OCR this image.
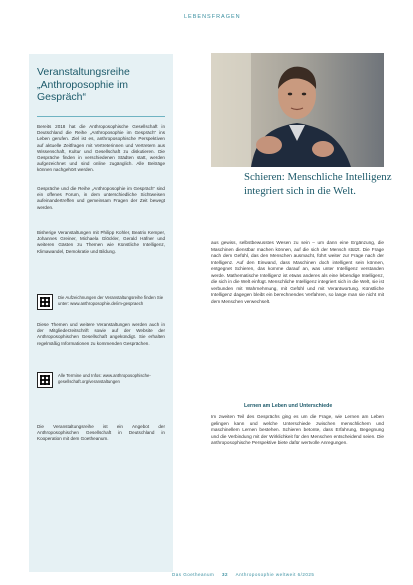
LEBENSFRAGEN
Veranstaltungsreihe „Anthroposophie im Gespräch“

Bereits 2018 hat die Anthroposophische Gesellschaft in Deutschland die Reihe „Anthroposophie im Gespräch“ ins Leben gerufen. Ziel ist es, anthroposophische Perspektiven auf aktuelle Zeitfragen mit Vertreterinnen und Vertretern aus Wissenschaft, Kultur und Gesellschaft zu diskutieren. Die Gespräche finden in verschiedenen Städten statt, werden aufgezeichnet und sind online zugänglich. Alle Beiträge können nachgehört werden.

Gespräche und die Reihe „Anthroposophie im Gespräch“ sind ein offenes Forum, in dem unterschiedliche Sichtweisen aufeinandertreffen und gemeinsam Fragen der Zeit bewegt werden.

Bisherige Veranstaltungen mit Philipp Kohler, Beatrix Kemper, Johannes Greiner, Michaela Glöckler, Gerald Häfner und weiteren Gästen zu Themen wie Künstliche Intelligenz, Klimawandel, Demokratie und Bildung.

Die Aufzeichnungen der Veranstaltungsreihe finden Sie unter: www.anthroposophie.de/im-gespraech

Diese Themen und weitere Veranstaltungen werden auch in der Mitgliederzeitschrift sowie auf der Website der Anthroposophischen Gesellschaft angekündigt. Sie erhalten regelmäßig Informationen zu kommenden Gesprächen.

Alle Termine und Infos: www.anthroposophische-gesellschaft.org/veranstaltungen

Die Veranstaltungsreihe ist ein Angebot der Anthroposophischen Gesellschaft in Deutschland in Kooperation mit dem Goetheanum.

Schieren: Menschliche Intelligenz integriert sich in die Welt.

aus gewiss, selbstbewusstes Wesen zu sein – um dann eine Ergänzung, die Maschinen dienstbar machen können, auf die sich der Mensch stützt. Die Frage nach dem Gefühl, das den Menschen ausmacht, führt weiter zur Frage nach der Intelligenz. Auf den Einwand, dass Maschinen doch intelligent sein können, entgegnet Schieren, das komme darauf an, was unter Intelligenz verstanden werde. Mathematische Intelligenz ist etwas anderes als eine lebendige Intelligenz, die sich in die Welt einfügt. Menschliche Intelligenz integriert sich in die Welt, sie ist verbunden mit Wahrnehmung, mit Gefühl und mit Verantwortung. Künstliche Intelligenz dagegen bleibt ein berechnendes Verfahren, so lange man sie nicht mit dem Menschen verwechselt.

Lernen am Leben und Unterschiede

Im zweiten Teil des Gesprächs ging es um die Frage, wie Lernen am Leben gelingen kann und welche Unterschiede zwischen menschlichem und maschinellem Lernen bestehen. Schieren betonte, dass Erfahrung, Begegnung und die Verbindung mit der Wirklichkeit für den Menschen entscheidend seien. Die anthroposophische Perspektive biete dafür wertvolle Anregungen.

Das Goetheanum 32 Anthroposophie weltweit 6/2025
